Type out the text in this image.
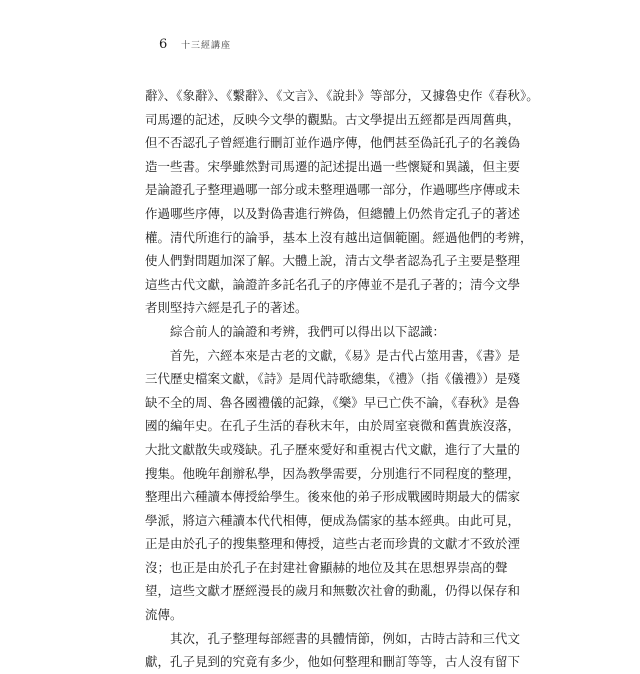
6	十三經講座
辭》、《象辭》、《繫辭》、《文言》、《說卦》等部分，又據魯史作《春秋》。
司馬遷的記述，反映今文學的觀點。古文學提出五經都是西周舊典，
但不否認孔子曾經進行刪訂並作過序傳，他們甚至偽託孔子的名義偽
造一些書。宋學雖然對司馬遷的記述提出過一些懷疑和異議，但主要
是論證孔子整理過哪一部分或未整理過哪一部分，作過哪些序傳或未
作過哪些序傳，以及對偽書進行辨偽，但總體上仍然肯定孔子的著述
權。清代所進行的論爭，基本上沒有越出這個範圍。經過他們的考辨，
使人們對問題加深了解。大體上說，清古文學者認為孔子主要是整理
這些古代文獻，論證許多託名孔子的序傳並不是孔子著的；清今文學
者則堅持六經是孔子的著述。
綜合前人的論證和考辨，我們可以得出以下認識：
首先，六經本來是古老的文獻，《易》是古代占筮用書，《書》是
三代歷史檔案文獻，《詩》是周代詩歌總集，《禮》（指《儀禮》）是殘
缺不全的周、魯各國禮儀的記錄，《樂》早已亡佚不論，《春秋》是魯
國的編年史。在孔子生活的春秋末年，由於周室衰微和舊貴族沒落，
大批文獻散失或殘缺。孔子歷來愛好和重視古代文獻，進行了大量的
搜集。他晚年創辦私學，因為教學需要，分別進行不同程度的整理，
整理出六種讀本傳授給學生。後來他的弟子形成戰國時期最大的儒家
學派，將這六種讀本代代相傳，便成為儒家的基本經典。由此可見，
正是由於孔子的搜集整理和傳授，這些古老而珍貴的文獻才不致於湮
沒；也正是由於孔子在封建社會顯赫的地位及其在思想界崇高的聲
望，這些文獻才歷經漫長的歲月和無數次社會的動亂，仍得以保存和
流傳。
其次，孔子整理每部經書的具體情節，例如，古時古詩和三代文
獻，孔子見到的究竟有多少，他如何整理和刪訂等等，古人沒有留下
